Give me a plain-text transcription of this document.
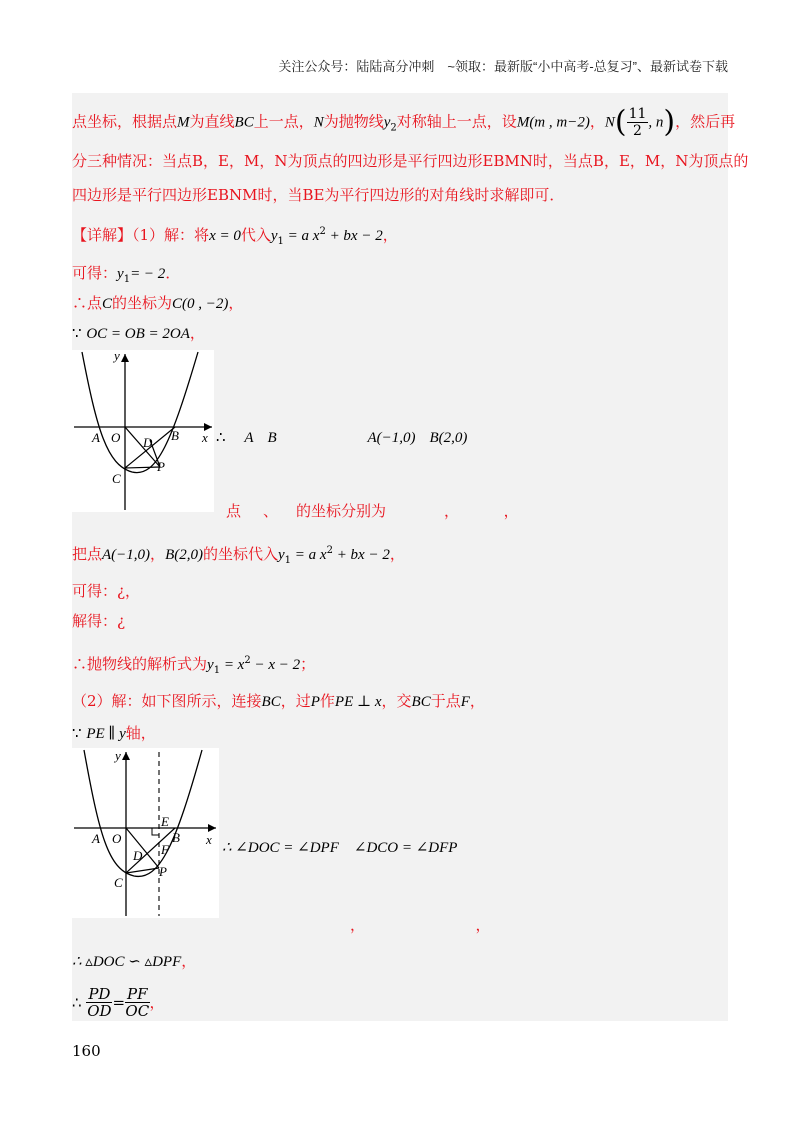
关注公众号：陆陆高分冲刺　~领取：最新版“小中高考-总复习”、最新试卷下载
点坐标，根据点M为直线BC上一点，N为抛物线$y_2$对称轴上一点，设M(m , m−2)，$N( \frac{11}{2}$ , n)，然后再
分三种情况：当点B，E，M，N为顶点的四边形是平行四边形EBMN时，当点B，E，M，N为顶点的
四边形是平行四边形EBNM时，当BE为平行四边形的对角线时求解即可．
【详解】（1）解：将x = 0代入$y_1 = a$ $x^2$ + bx − 2，
可得：$y_1= - 2$．
∴点C的坐标为C(0 , −2)，
∵ OC = OB = 2OA，
y
x
A O D B
C
P
∴ A B	A(−1,0) B(2,0)
点 、 的坐标分别为	，	，
把点A(−1,0)，B(2,0)的坐标代入$y_1 = a$ $x^2$ + bx − 2，
可得：¿，
解得：¿
∴抛物线的解析式为$y_1 = x^2 - x - 2$；
（2）解：如下图所示，连接BC，过P作PE ⊥ x，交BC于点F，
∵ PE ∥ y轴，
y
x
A O
E
B
D F
C
P
∴ ∠DOC = ∠DPF　∠DCO = ∠DFP
，	，
∴ ▵DOC ∽ ▵DPF，
∴ $\frac{PD}{OD} = \frac{PF}{OC}$ ，
160
